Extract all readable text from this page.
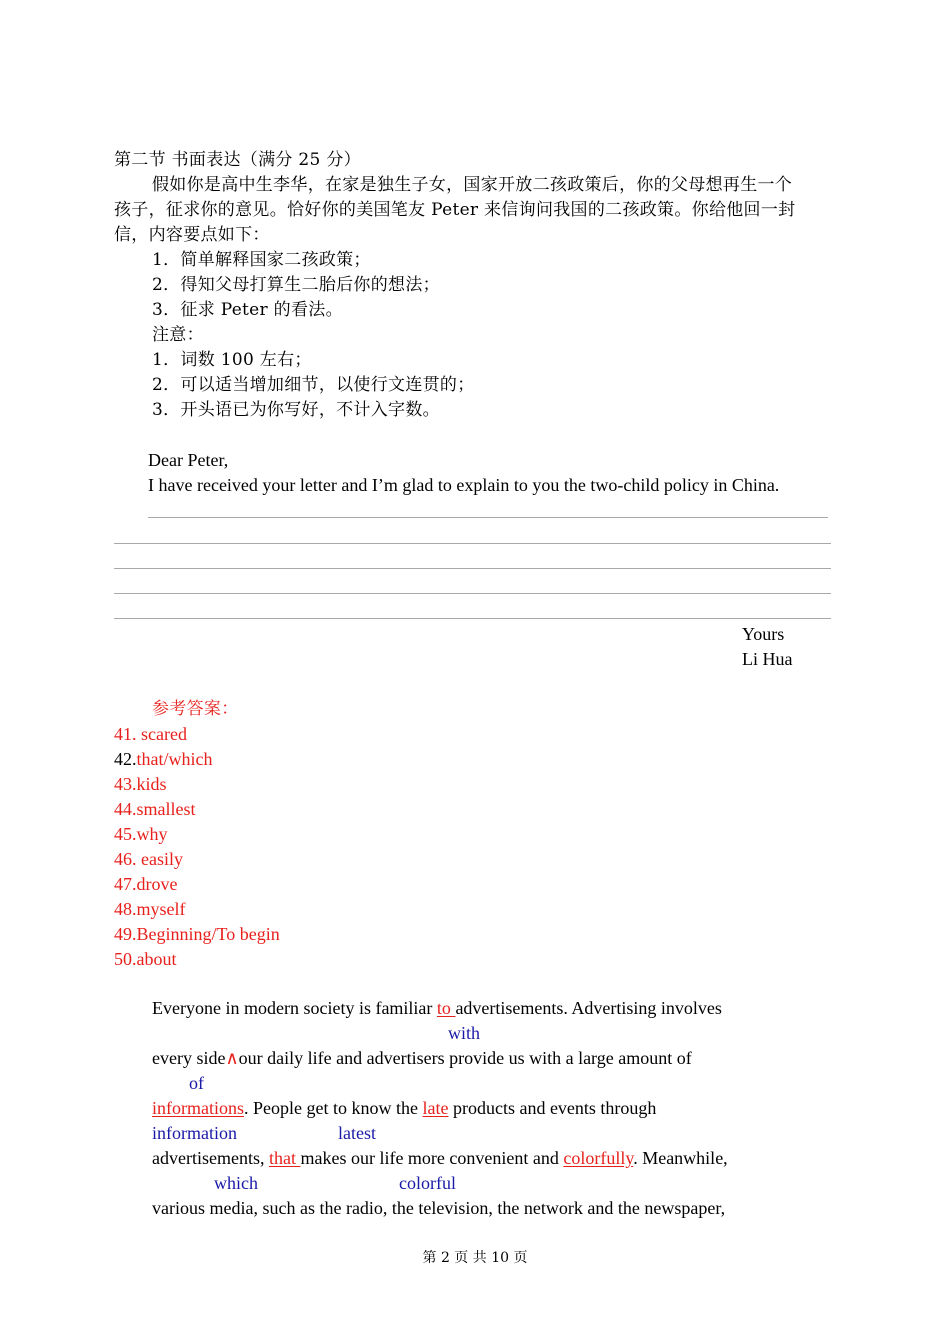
第二节 书面表达（满分 25 分）
假如你是高中生李华，在家是独生子女，国家开放二孩政策后，你的父母想再生一个
孩子，征求你的意见。恰好你的美国笔友 Peter 来信询问我国的二孩政策。你给他回一封
信，内容要点如下：
1．简单解释国家二孩政策；
2．得知父母打算生二胎后你的想法；
3．征求 Peter 的看法。
注意：
1．词数 100 左右；
2．可以适当增加细节，以使行文连贯的；
3．开头语已为你写好，不计入字数。
Dear Peter,
I have received your letter and I’m glad to explain to you the two-child policy in China.
Yours
Li Hua
参考答案：
41. scared
42.that/which
43.kids
44.smallest
45.why
46. easily
47.drove
48.myself
49.Beginning/To begin
50.about
Everyone in modern society is familiar to advertisements. Advertising involves
with
every side∧our daily life and advertisers provide us with a large amount of
of
informations. People get to know the late products and events through
information	latest
advertisements, that makes our life more convenient and colorfully. Meanwhile,
which	colorful
various media, such as the radio, the television, the network and the newspaper,
第 2 页 共 10 页
